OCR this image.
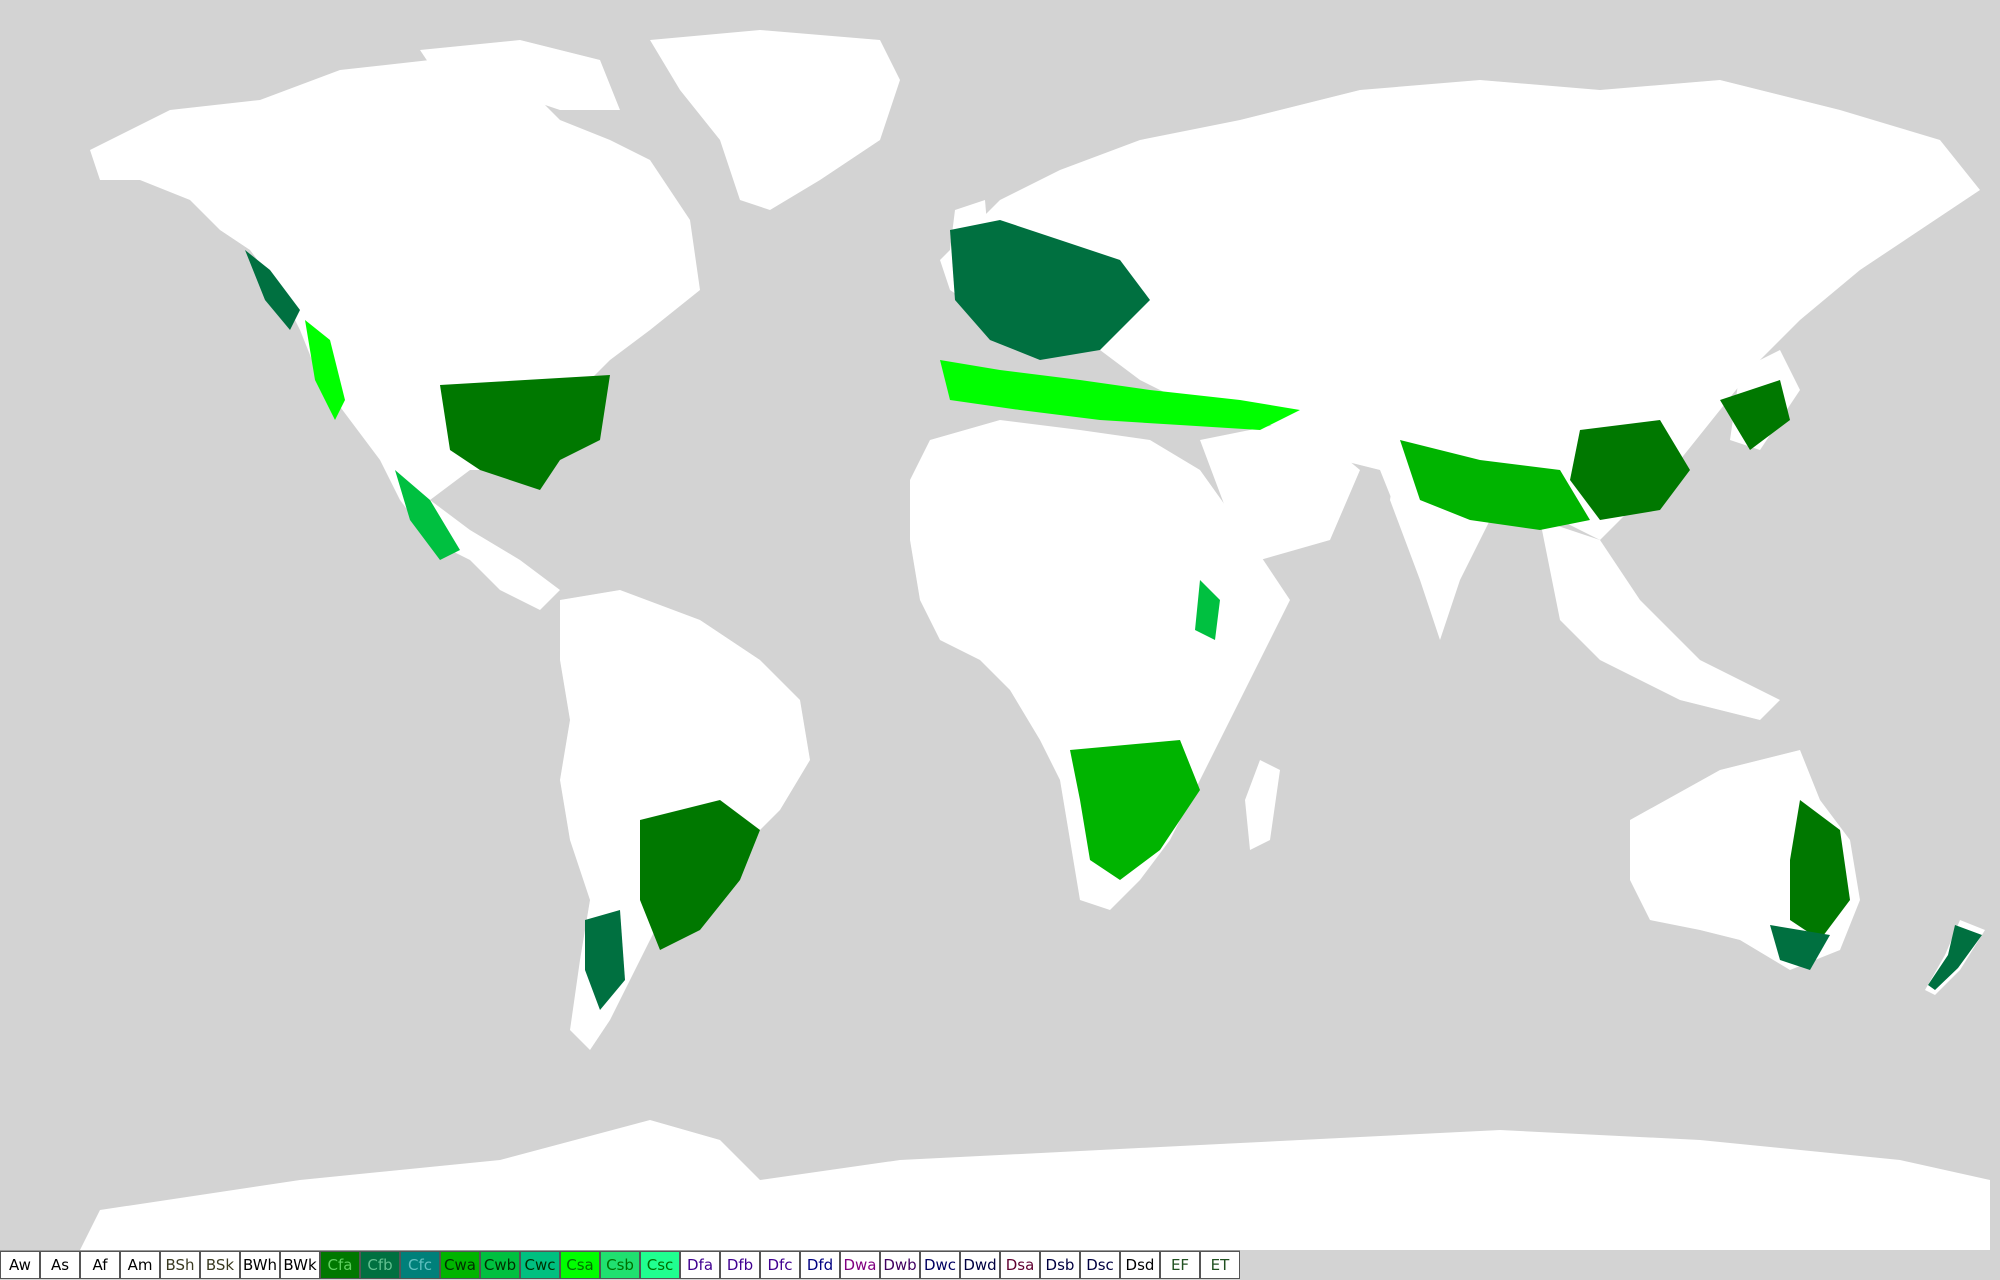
Aw	As	Af	Am BSh BSk BWh BWk Cfa Cfb	Cfc Cwa Cwb Cwc Csa Csb Csc Dfa Dfb Dfc Dfd Dwa Dwb Dwc Dwd Dsa Dsb Dsc Dsd	EF	ET
